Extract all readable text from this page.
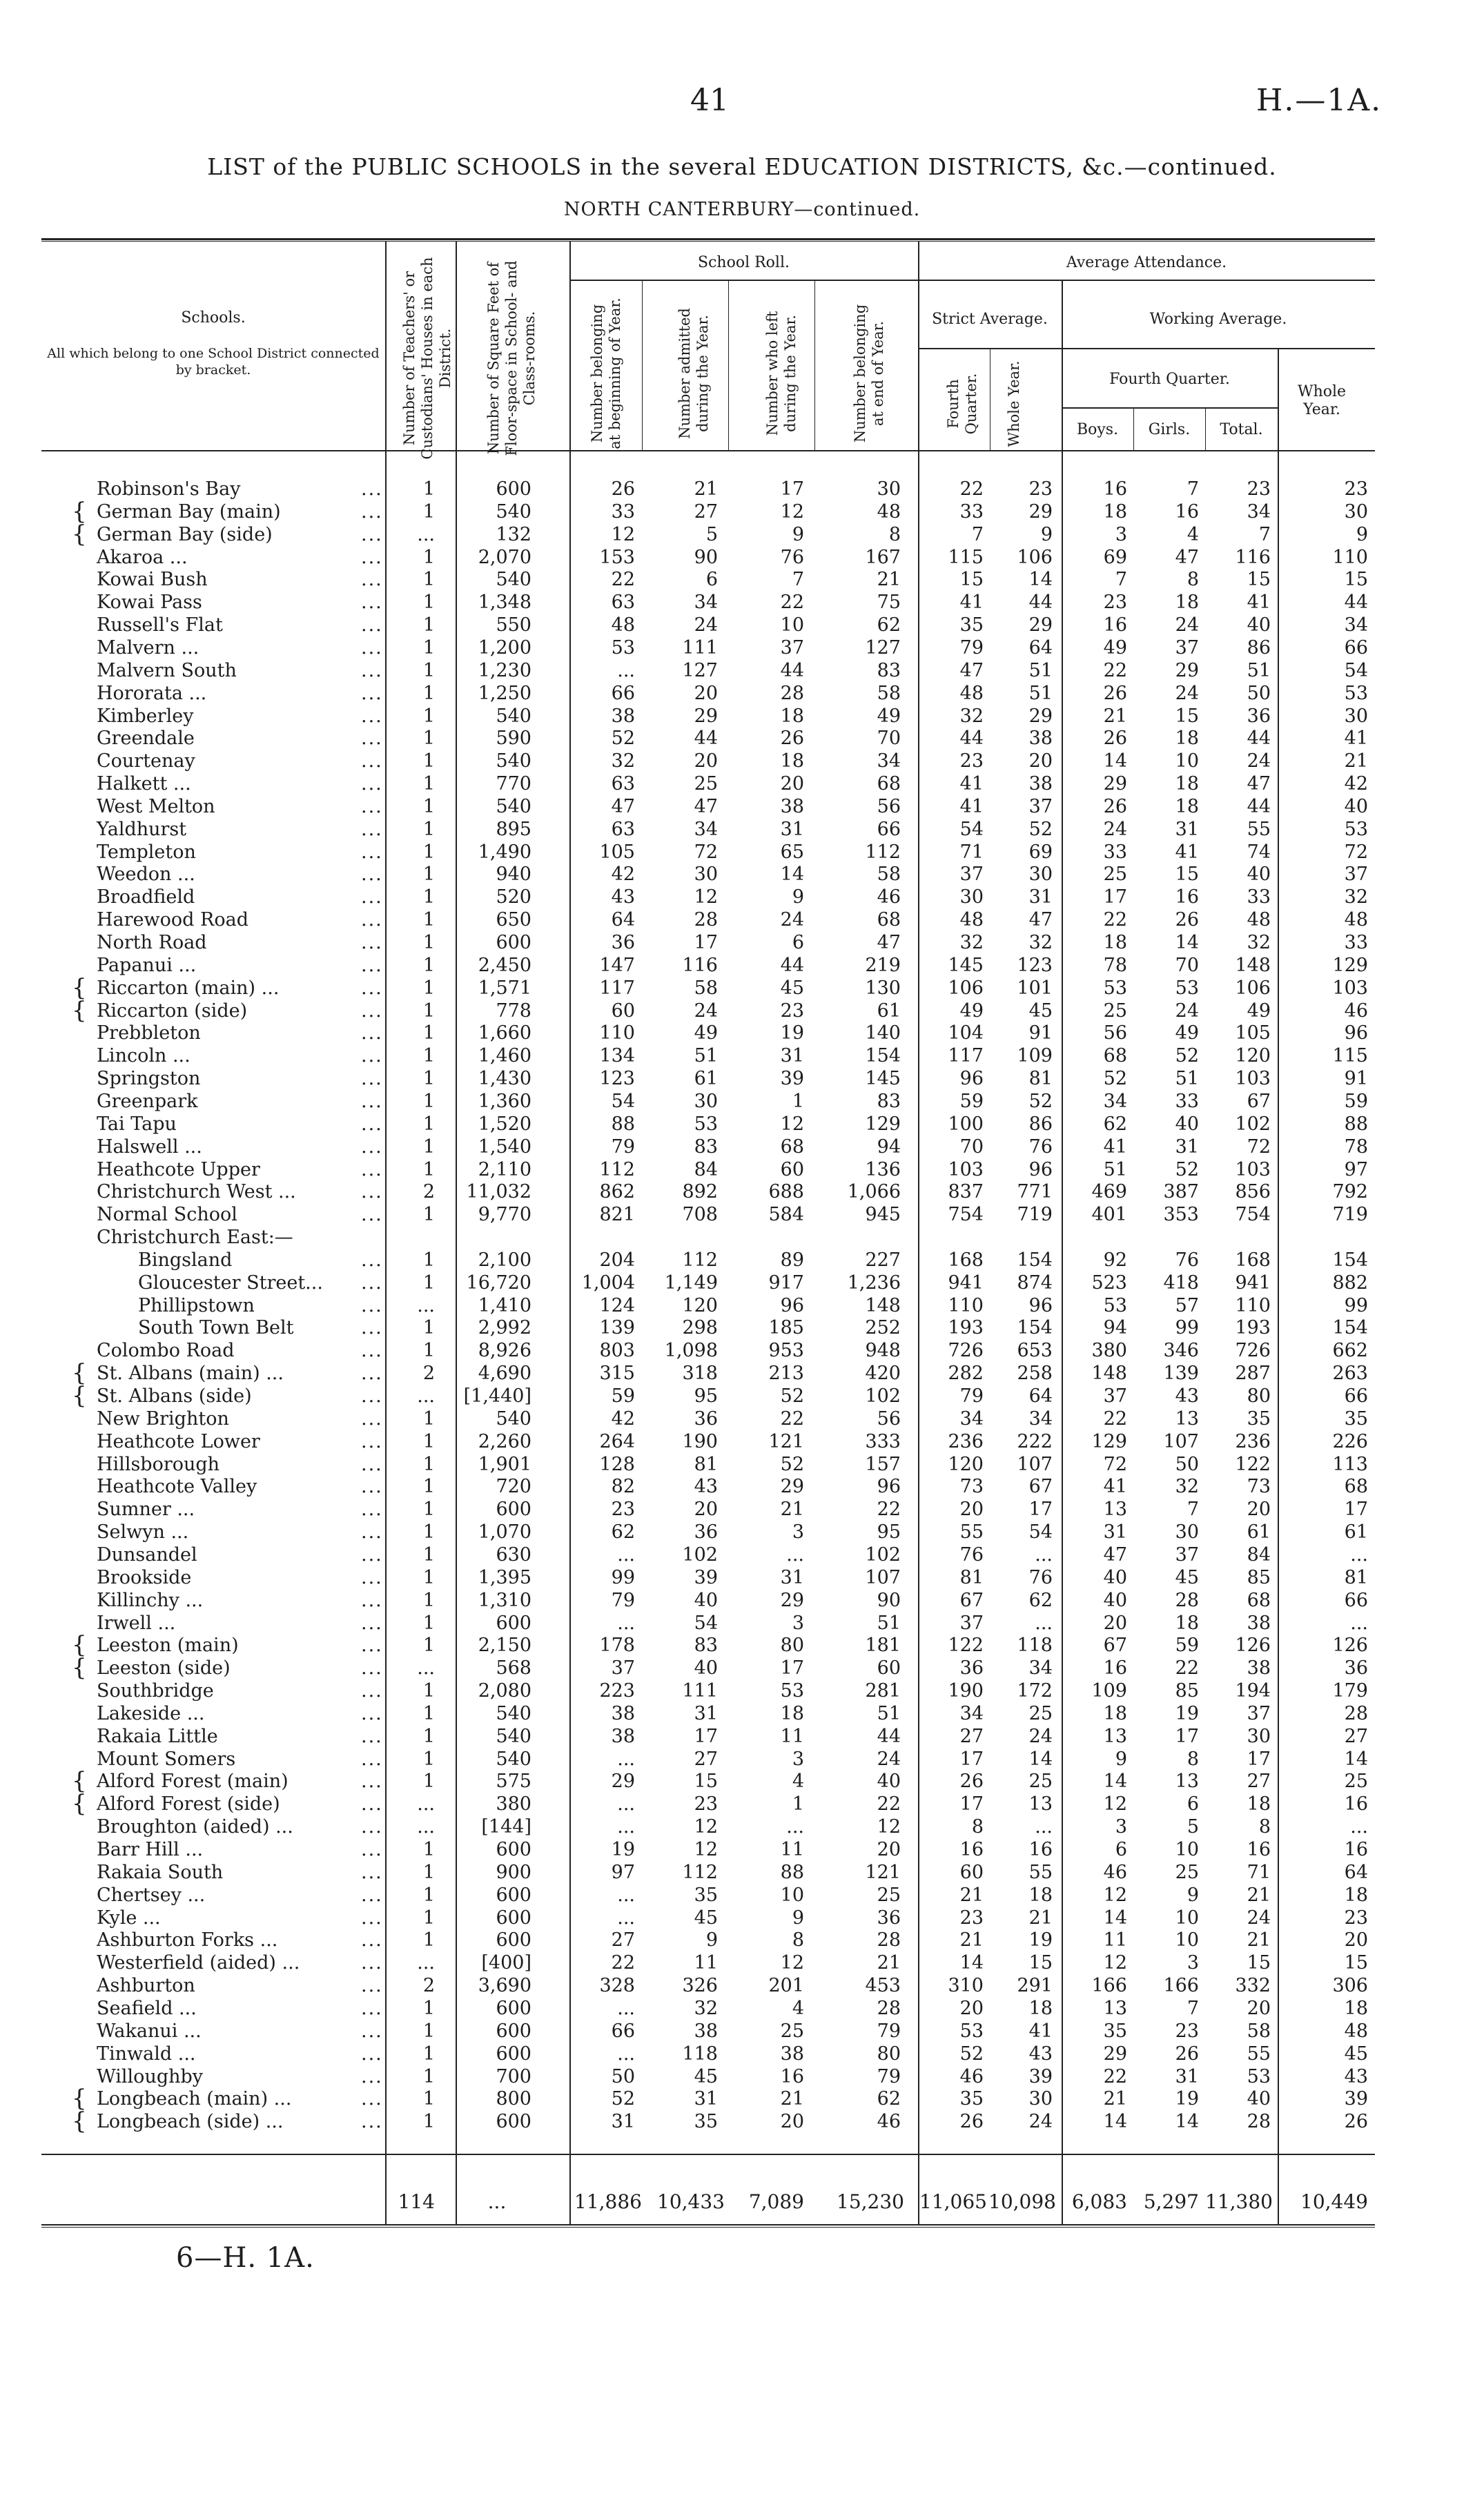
41	H.—1A.
LIST of the PUBLIC SCHOOLS in the several EDUCATION DISTRICTS, &c.—continued.
NORTH CANTERBURY—continued.
Schools.
All which belong to one School District connected by bracket.	Number of Teachers' or Custodians' Houses in each District. Number of Square Feet of Floor-space in School- and Class-rooms.
School Roll.
Number belonging at beginning of Year.	Number admitted during the Year.	Number who left during the Year.	Number belonging at end of Year.
Average Attendance.
Strict Average.	Working Average.
Fourth Quarter. Whole Year.	Fourth Quarter.
Boys.	Girls.	Total.
Whole Year.
Robinson's Bay	...	1	600	26	21	17	30	22	23	16	7	23	23
{ German Bay (main)	...	1	540	33	27	12	48	33	29	18	16	34	30
{ German Bay (side)	...	...	132	12	5	9	8	7	9	3	4	7	9
Akaroa ...	...	1	2,070	153	90	76	167	115	106	69	47	116	110
Kowai Bush	...	1	540	22	6	7	21	15	14	7	8	15	15
Kowai Pass	...	1	1,348	63	34	22	75	41	44	23	18	41	44
Russell's Flat	...	1	550	48	24	10	62	35	29	16	24	40	34
Malvern ...	...	1	1,200	53	111	37	127	79	64	49	37	86	66
Malvern South	...	1	1,230	...	127	44	83	47	51	22	29	51	54
Hororata ...	...	1	1,250	66	20	28	58	48	51	26	24	50	53
Kimberley	...	1	540	38	29	18	49	32	29	21	15	36	30
Greendale	...	1	590	52	44	26	70	44	38	26	18	44	41
Courtenay	...	1	540	32	20	18	34	23	20	14	10	24	21
Halkett ...	...	1	770	63	25	20	68	41	38	29	18	47	42
West Melton	...	1	540	47	47	38	56	41	37	26	18	44	40
Yaldhurst	...	1	895	63	34	31	66	54	52	24	31	55	53
Templeton	...	1	1,490	105	72	65	112	71	69	33	41	74	72
Weedon ...	...	1	940	42	30	14	58	37	30	25	15	40	37
Broadfield	...	1	520	43	12	9	46	30	31	17	16	33	32
Harewood Road	...	1	650	64	28	24	68	48	47	22	26	48	48
North Road	...	1	600	36	17	6	47	32	32	18	14	32	33
Papanui ...	...	1	2,450	147	116	44	219	145	123	78	70	148	129
{ Riccarton (main) ...	...	1	1,571	117	58	45	130	106	101	53	53	106	103
{ Riccarton (side)	...	1	778	60	24	23	61	49	45	25	24	49	46
Prebbleton	...	1	1,660	110	49	19	140	104	91	56	49	105	96
Lincoln ...	...	1	1,460	134	51	31	154	117	109	68	52	120	115
Springston	...	1	1,430	123	61	39	145	96	81	52	51	103	91
Greenpark	...	1	1,360	54	30	1	83	59	52	34	33	67	59
Tai Tapu	...	1	1,520	88	53	12	129	100	86	62	40	102	88
Halswell ...	...	1	1,540	79	83	68	94	70	76	41	31	72	78
Heathcote Upper	...	1	2,110	112	84	60	136	103	96	51	52	103	97
Christchurch West ...	...	2	11,032	862	892	688	1,066	837	771	469	387	856	792
Normal School	...	1	9,770	821	708	584	945	754	719	401	353	754	719
Christchurch East:—
Bingsland	...	1	2,100	204	112	89	227	168	154	92	76	168	154
Gloucester Street... ...	1	16,720	1,004	1,149	917	1,236	941	874	523	418	941	882
Phillipstown	...	...	1,410	124	120	96	148	110	96	53	57	110	99
South Town Belt	...	1	2,992	139	298	185	252	193	154	94	99	193	154
Colombo Road	...	1	8,926	803	1,098	953	948	726	653	380	346	726	662
{ St. Albans (main) ...	...	2	4,690	315	318	213	420	282	258	148	139	287	263
{ St. Albans (side)	...	...	[1,440]	59	95	52	102	79	64	37	43	80	66
New Brighton	...	1	540	42	36	22	56	34	34	22	13	35	35
Heathcote Lower	...	1	2,260	264	190	121	333	236	222	129	107	236	226
Hillsborough	...	1	1,901	128	81	52	157	120	107	72	50	122	113
Heathcote Valley	...	1	720	82	43	29	96	73	67	41	32	73	68
Sumner ...	...	1	600	23	20	21	22	20	17	13	7	20	17
Selwyn ...	...	1	1,070	62	36	3	95	55	54	31	30	61	61
Dunsandel	...	1	630	...	102	...	102	76	...	47	37	84	...
Brookside	...	1	1,395	99	39	31	107	81	76	40	45	85	81
Killinchy ...	...	1	1,310	79	40	29	90	67	62	40	28	68	66
Irwell ...	...	1	600	...	54	3	51	37	...	20	18	38	...
{ Leeston (main)	...	1	2,150	178	83	80	181	122	118	67	59	126	126
{ Leeston (side)	...	...	568	37	40	17	60	36	34	16	22	38	36
Southbridge	...	1	2,080	223	111	53	281	190	172	109	85	194	179
Lakeside ...	...	1	540	38	31	18	51	34	25	18	19	37	28
Rakaia Little	...	1	540	38	17	11	44	27	24	13	17	30	27
Mount Somers	...	1	540	...	27	3	24	17	14	9	8	17	14
{ Alford Forest (main)	...	1	575	29	15	4	40	26	25	14	13	27	25
{ Alford Forest (side)	...	...	380	...	23	1	22	17	13	12	6	18	16
Broughton (aided) ...	...	...	[144]	...	12	...	12	8	...	3	5	8	...
Barr Hill ...	...	1	600	19	12	11	20	16	16	6	10	16	16
Rakaia South	...	1	900	97	112	88	121	60	55	46	25	71	64
Chertsey ...	...	1	600	...	35	10	25	21	18	12	9	21	18
Kyle ...	...	1	600	...	45	9	36	23	21	14	10	24	23
Ashburton Forks ...	...	1	600	27	9	8	28	21	19	11	10	21	20
Westerfield (aided) ...	...	...	[400]	22	11	12	21	14	15	12	3	15	15
Ashburton	...	2	3,690	328	326	201	453	310	291	166	166	332	306
Seafield ...	...	1	600	...	32	4	28	20	18	13	7	20	18
Wakanui ...	...	1	600	66	38	25	79	53	41	35	23	58	48
Tinwald ...	...	1	600	...	118	38	80	52	43	29	26	55	45
Willoughby	...	1	700	50	45	16	79	46	39	22	31	53	43
{ Longbeach (main) ...	...	1	800	52	31	21	62	35	30	21	19	40	39
{ Longbeach (side) ...	...	1	600	31	35	20	46	26	24	14	14	28	26
114	...	11,886 10,433	7,089	15,230 11,065 10,098 6,083 5,297 11,380	10,449
6—H. 1A.
